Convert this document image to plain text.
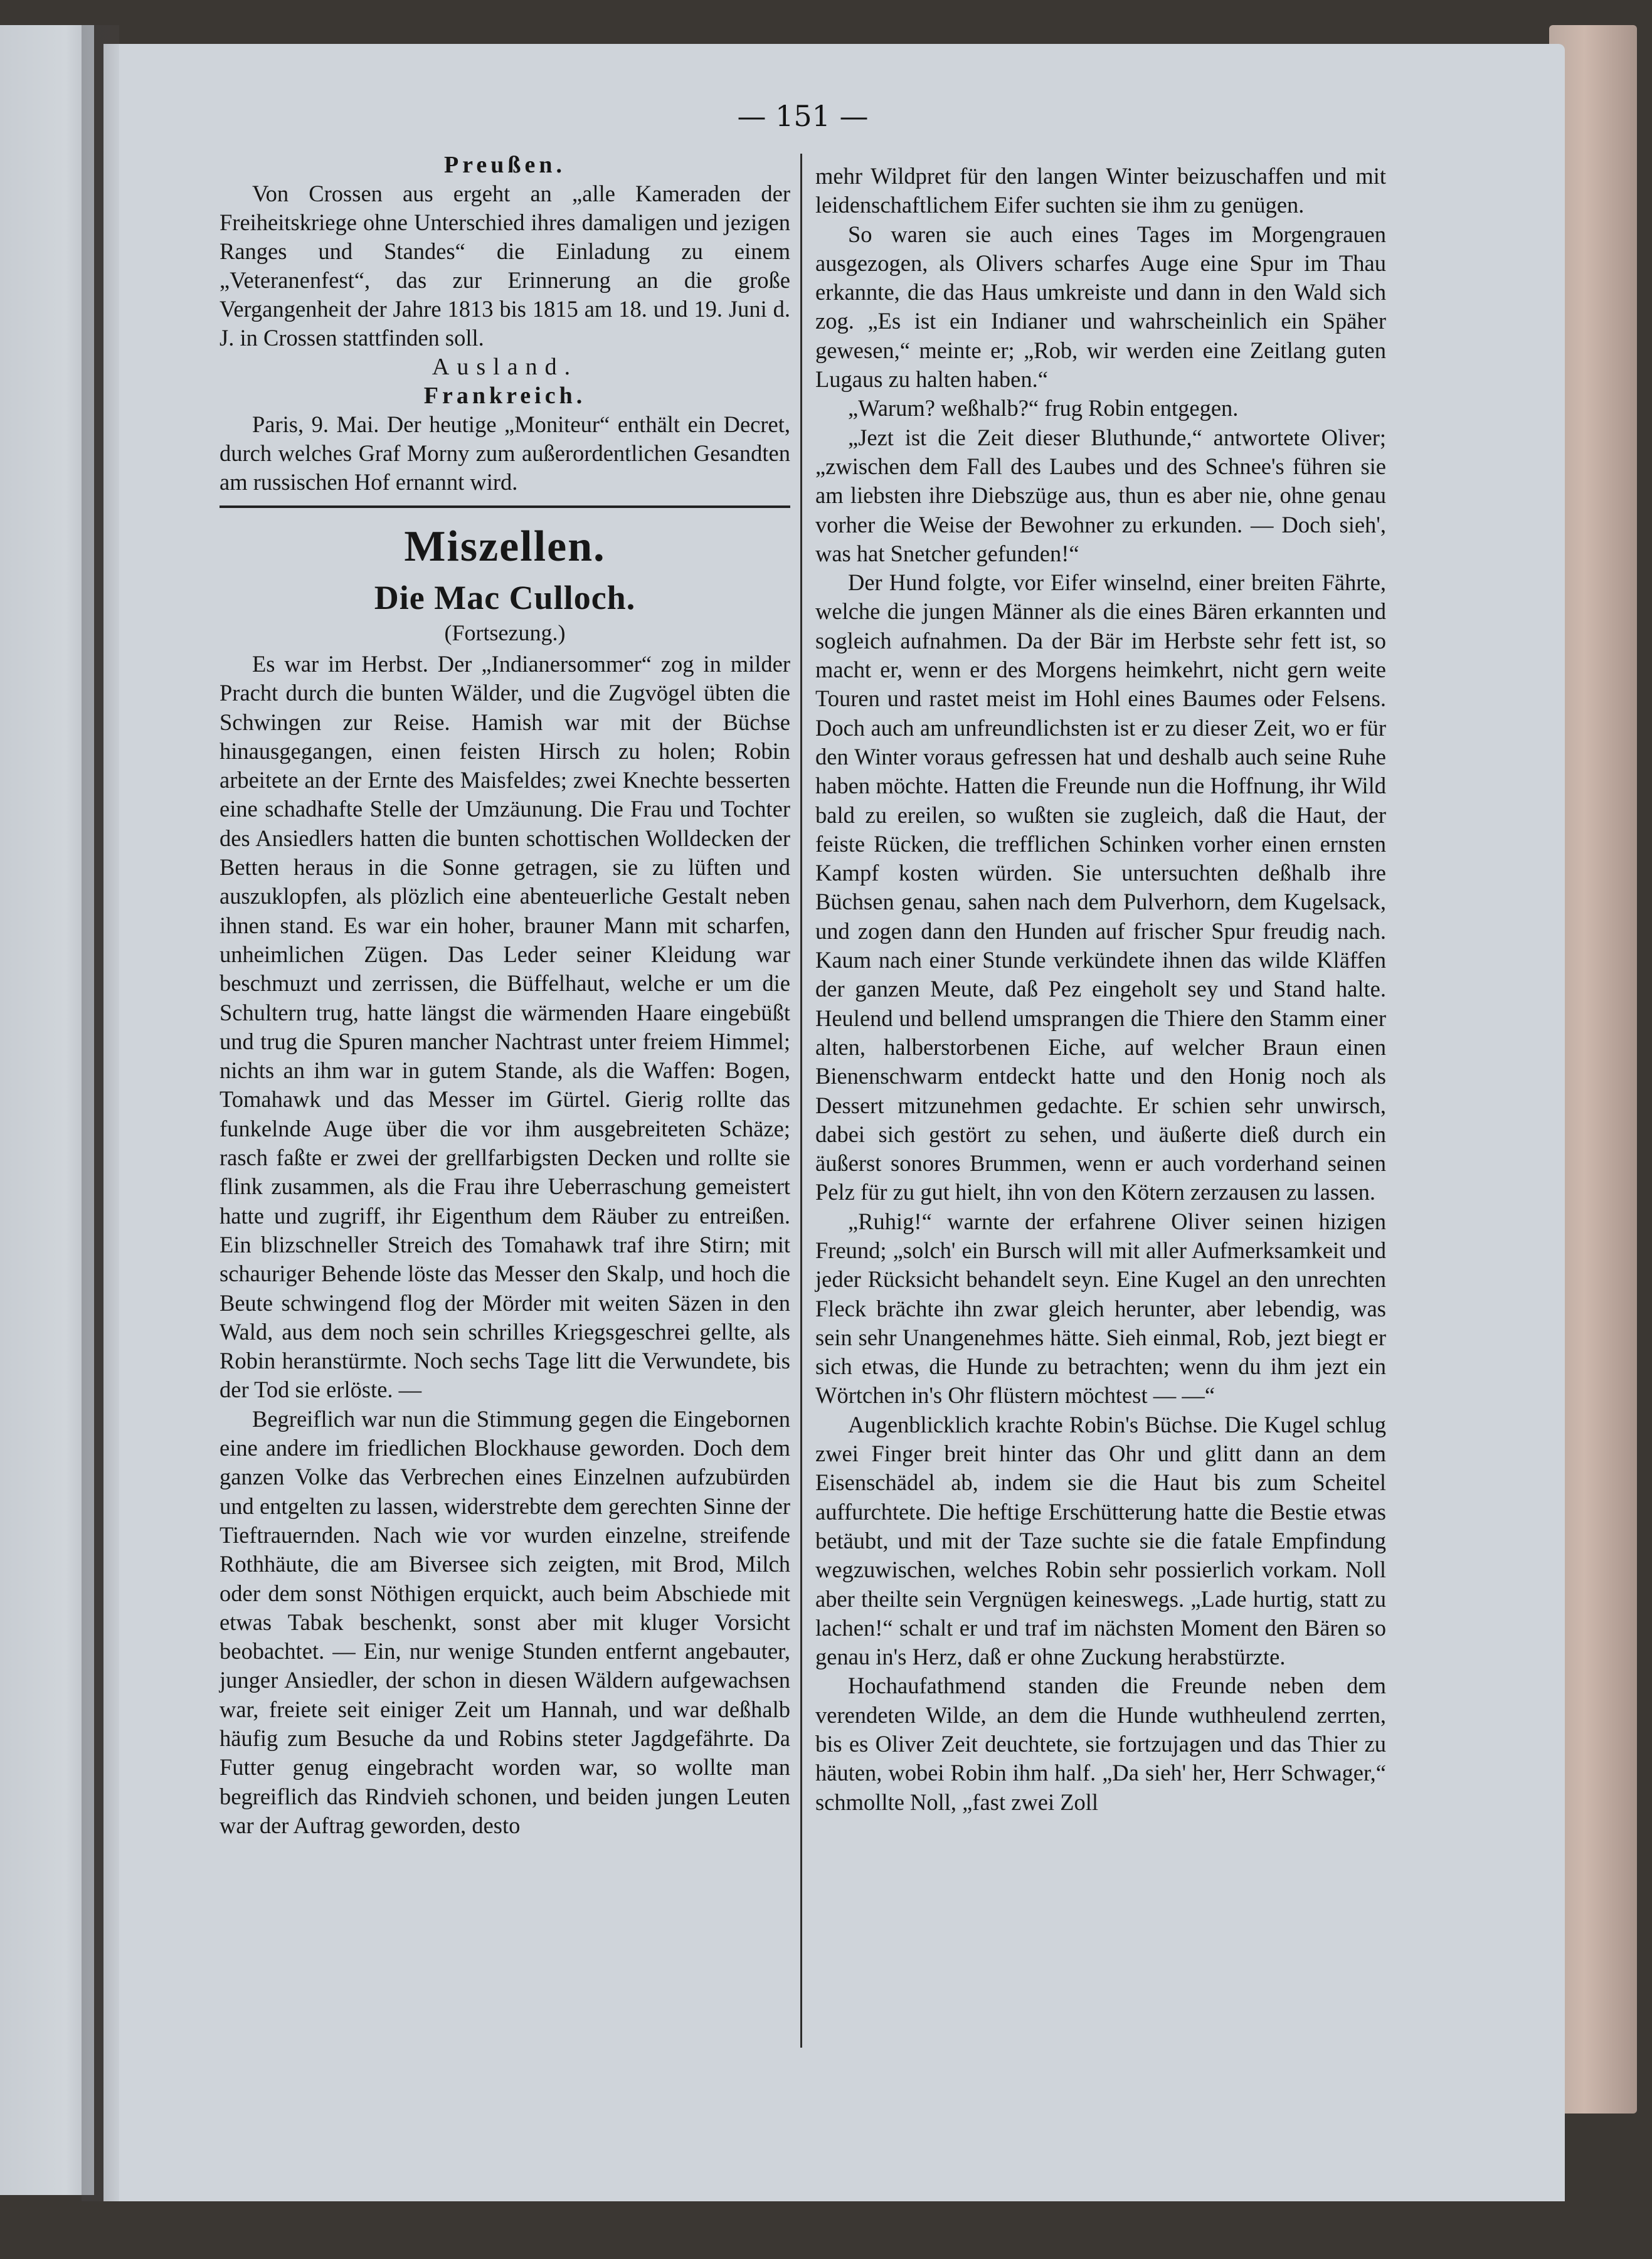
— 151 —

Preußen.

Von Crossen aus ergeht an „alle Kameraden der Freiheitskriege ohne Unterschied ihres damaligen und jezigen Ranges und Standes“ die Einladung zu einem „Veteranenfest“, das zur Erinnerung an die große Vergangenheit der Jahre 1813 bis 1815 am 18. und 19. Juni d. J. in Crossen stattfinden soll.

Ausland.

Frankreich.

Paris, 9. Mai. Der heutige „Moniteur“ enthält ein Decret, durch welches Graf Morny zum außerordentlichen Gesandten am russischen Hof ernannt wird.

Miszellen.
Die Mac Culloch.

(Fortsezung.)

Es war im Herbst. Der „Indianersommer“ zog in milder Pracht durch die bunten Wälder, und die Zugvögel übten die Schwingen zur Reise. Hamish war mit der Büchse hinausgegangen, einen feisten Hirsch zu holen; Robin arbeitete an der Ernte des Maisfeldes; zwei Knechte besserten eine schadhafte Stelle der Umzäunung. Die Frau und Tochter des Ansiedlers hatten die bunten schottischen Wolldecken der Betten heraus in die Sonne getragen, sie zu lüften und auszuklopfen, als plözlich eine abenteuerliche Gestalt neben ihnen stand. Es war ein hoher, brauner Mann mit scharfen, unheimlichen Zügen. Das Leder seiner Kleidung war beschmuzt und zerrissen, die Büffelhaut, welche er um die Schultern trug, hatte längst die wärmenden Haare eingebüßt und trug die Spuren mancher Nachtrast unter freiem Himmel; nichts an ihm war in gutem Stande, als die Waffen: Bogen, Tomahawk und das Messer im Gürtel. Gierig rollte das funkelnde Auge über die vor ihm ausgebreiteten Schäze; rasch faßte er zwei der grellfarbigsten Decken und rollte sie flink zusammen, als die Frau ihre Ueberraschung gemeistert hatte und zugriff, ihr Eigenthum dem Räuber zu entreißen. Ein blizschneller Streich des Tomahawk traf ihre Stirn; mit schauriger Behende löste das Messer den Skalp, und hoch die Beute schwingend flog der Mörder mit weiten Säzen in den Wald, aus dem noch sein schrilles Kriegsgeschrei gellte, als Robin heranstürmte. Noch sechs Tage litt die Verwundete, bis der Tod sie erlöste. —

Begreiflich war nun die Stimmung gegen die Eingebornen eine andere im friedlichen Blockhause geworden. Doch dem ganzen Volke das Verbrechen eines Einzelnen aufzubürden und entgelten zu lassen, widerstrebte dem gerechten Sinne der Tieftrauernden. Nach wie vor wurden einzelne, streifende Rothhäute, die am Biversee sich zeigten, mit Brod, Milch oder dem sonst Nöthigen erquickt, auch beim Abschiede mit etwas Tabak beschenkt, sonst aber mit kluger Vorsicht beobachtet. — Ein, nur wenige Stunden entfernt angebauter, junger Ansiedler, der schon in diesen Wäldern aufgewachsen war, freiete seit einiger Zeit um Hannah, und war deßhalb häufig zum Besuche da und Robins steter Jagdgefährte. Da Futter genug eingebracht worden war, so wollte man begreiflich das Rindvieh schonen, und beiden jungen Leuten war der Auftrag geworden, desto

mehr Wildpret für den langen Winter beizuschaffen und mit leidenschaftlichem Eifer suchten sie ihm zu genügen.

So waren sie auch eines Tages im Morgengrauen ausgezogen, als Olivers scharfes Auge eine Spur im Thau erkannte, die das Haus umkreiste und dann in den Wald sich zog. „Es ist ein Indianer und wahrscheinlich ein Späher gewesen,“ meinte er; „Rob, wir werden eine Zeitlang guten Lugaus zu halten haben.“

„Warum? weßhalb?“ frug Robin entgegen.

„Jezt ist die Zeit dieser Bluthunde,“ antwortete Oliver; „zwischen dem Fall des Laubes und des Schnee's führen sie am liebsten ihre Diebszüge aus, thun es aber nie, ohne genau vorher die Weise der Bewohner zu erkunden. — Doch sieh', was hat Snetcher gefunden!“

Der Hund folgte, vor Eifer winselnd, einer breiten Fährte, welche die jungen Männer als die eines Bären erkannten und sogleich aufnahmen. Da der Bär im Herbste sehr fett ist, so macht er, wenn er des Morgens heimkehrt, nicht gern weite Touren und rastet meist im Hohl eines Baumes oder Felsens. Doch auch am unfreundlichsten ist er zu dieser Zeit, wo er für den Winter voraus gefressen hat und deshalb auch seine Ruhe haben möchte. Hatten die Freunde nun die Hoffnung, ihr Wild bald zu ereilen, so wußten sie zugleich, daß die Haut, der feiste Rücken, die trefflichen Schinken vorher einen ernsten Kampf kosten würden. Sie untersuchten deßhalb ihre Büchsen genau, sahen nach dem Pulverhorn, dem Kugelsack, und zogen dann den Hunden auf frischer Spur freudig nach. Kaum nach einer Stunde verkündete ihnen das wilde Kläffen der ganzen Meute, daß Pez eingeholt sey und Stand halte. Heulend und bellend umsprangen die Thiere den Stamm einer alten, halberstorbenen Eiche, auf welcher Braun einen Bienenschwarm entdeckt hatte und den Honig noch als Dessert mitzunehmen gedachte. Er schien sehr unwirsch, dabei sich gestört zu sehen, und äußerte dieß durch ein äußerst sonores Brummen, wenn er auch vorderhand seinen Pelz für zu gut hielt, ihn von den Kötern zerzausen zu lassen.

„Ruhig!“ warnte der erfahrene Oliver seinen hizigen Freund; „solch' ein Bursch will mit aller Aufmerksamkeit und jeder Rücksicht behandelt seyn. Eine Kugel an den unrechten Fleck brächte ihn zwar gleich herunter, aber lebendig, was sein sehr Unangenehmes hätte. Sieh einmal, Rob, jezt biegt er sich etwas, die Hunde zu betrachten; wenn du ihm jezt ein Wörtchen in's Ohr flüstern möchtest — —“

Augenblicklich krachte Robin's Büchse. Die Kugel schlug zwei Finger breit hinter das Ohr und glitt dann an dem Eisenschädel ab, indem sie die Haut bis zum Scheitel auffurchtete. Die heftige Erschütterung hatte die Bestie etwas betäubt, und mit der Taze suchte sie die fatale Empfindung wegzuwischen, welches Robin sehr possierlich vorkam. Noll aber theilte sein Vergnügen keineswegs. „Lade hurtig, statt zu lachen!“ schalt er und traf im nächsten Moment den Bären so genau in's Herz, daß er ohne Zuckung herabstürzte.

Hochaufathmend standen die Freunde neben dem verendeten Wilde, an dem die Hunde wuthheulend zerrten, bis es Oliver Zeit deuchtete, sie fortzujagen und das Thier zu häuten, wobei Robin ihm half. „Da sieh' her, Herr Schwager,“ schmollte Noll, „fast zwei Zoll
